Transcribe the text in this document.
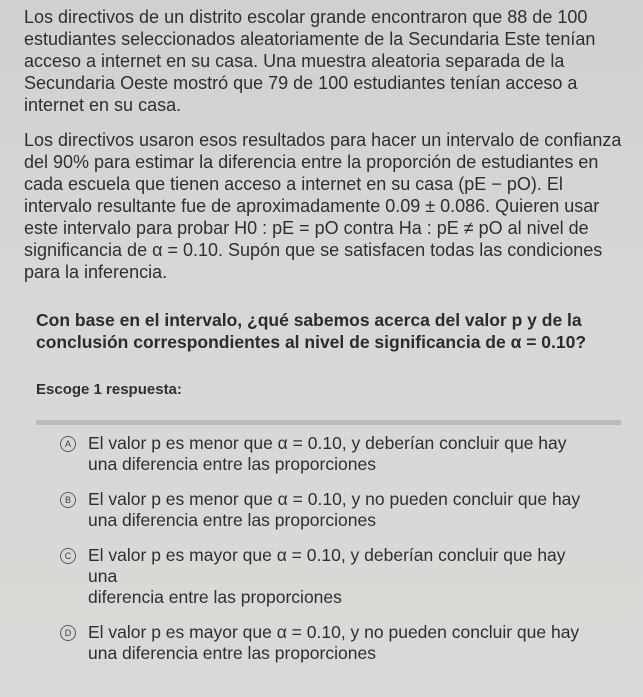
Los directivos de un distrito escolar grande encontraron que 88 de 100

estudiantes seleccionados aleatoriamente de la Secundaria Este tenían

acceso a internet en su casa. Una muestra aleatoria separada de la

Secundaria Oeste mostró que 79 de 100 estudiantes tenían acceso a

internet en su casa.

Los directivos usaron esos resultados para hacer un intervalo de confianza

del 90% para estimar la diferencia entre la proporción de estudiantes en

cada escuela que tienen acceso a internet en su casa (pE − pO). El

intervalo resultante fue de aproximadamente 0.09 ± 0.086. Quieren usar

este intervalo para probar H0 : pE = pO contra Ha : pE ≠ pO al nivel de

significancia de α = 0.10. Supón que se satisfacen todas las condiciones

para la inferencia.

Con base en el intervalo, ¿qué sabemos acerca del valor p y de la
conclusión correspondientes al nivel de significancia de α = 0.10?
Escoge 1 respuesta:
A El valor p es menor que α = 0.10, y deberían concluir que hay
una diferencia entre las proporciones
B El valor p es menor que α = 0.10, y no pueden concluir que hay
una diferencia entre las proporciones
C El valor p es mayor que α = 0.10, y deberían concluir que hay una
diferencia entre las proporciones
D El valor p es mayor que α = 0.10, y no pueden concluir que hay
una diferencia entre las proporciones
